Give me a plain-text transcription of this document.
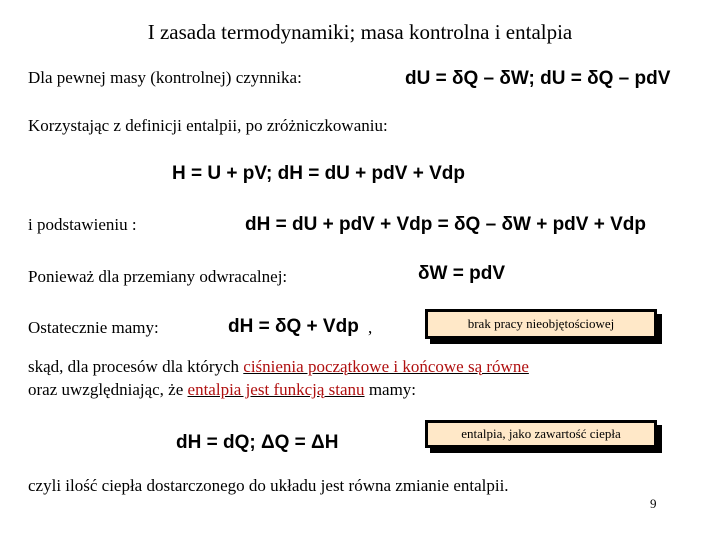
I zasada termodynamiki; masa kontrolna i entalpia
Dla pewnej masy (kontrolnej) czynnika:	dU = δQ – δW; dU = δQ – pdV
Korzystając z definicji entalpii, po zróżniczkowaniu:
H = U + pV; dH = dU + pdV + Vdp
i podstawieniu :	dH = dU + pdV + Vdp = δQ – δW + pdV + Vdp
Ponieważ dla przemiany odwracalnej:	δW = pdV
Ostatecznie mamy:	dH = δQ + Vdp ,	brak pracy nieobjętościowej
skąd, dla procesów dla których ciśnienia początkowe i końcowe są równe
oraz uwzględniając, że entalpia jest funkcją stanu mamy:
dH = dQ; ΔQ = ΔH	entalpia, jako zawartość ciepła
czyli ilość ciepła dostarczonego do układu jest równa zmianie entalpii.
9
